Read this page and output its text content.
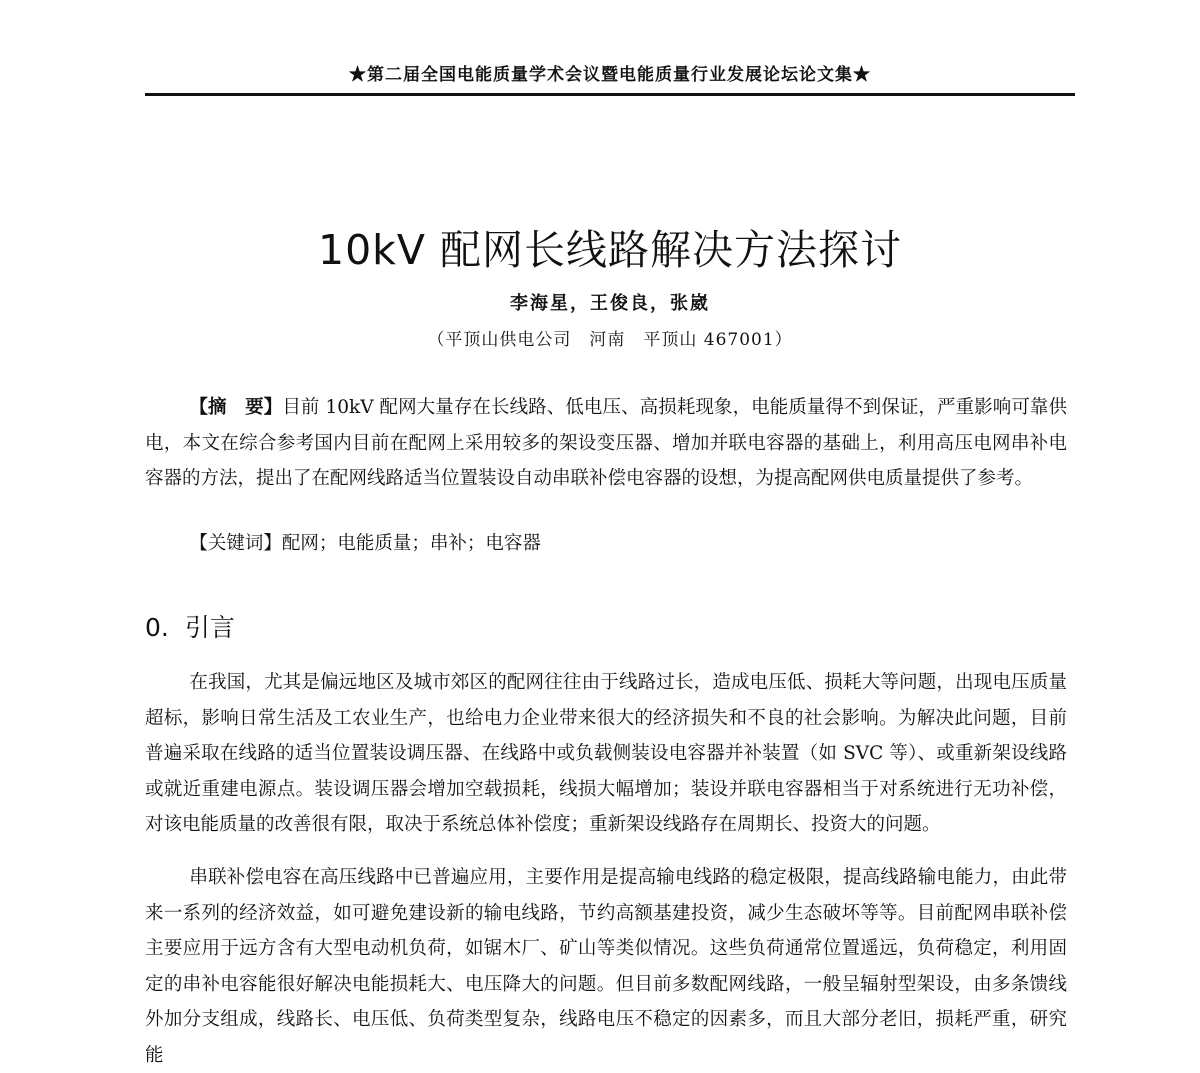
★第二届全国电能质量学术会议暨电能质量行业发展论坛论文集★
10kV 配网长线路解决方法探讨
李海星，王俊良，张崴
（平顶山供电公司　河南　平顶山 467001）

【摘　要】目前 10kV 配网大量存在长线路、低电压、高损耗现象，电能质量得不到保证，严重影响可靠供电，本文在综合参考国内目前在配网上采用较多的架设变压器、增加并联电容器的基础上，利用高压电网串补电容器的方法，提出了在配网线路适当位置装设自动串联补偿电容器的设想，为提高配网供电质量提供了参考。

【关键词】配网；电能质量；串补；电容器

0. 引言

在我国，尤其是偏远地区及城市郊区的配网往往由于线路过长，造成电压低、损耗大等问题，出现电压质量超标，影响日常生活及工农业生产，也给电力企业带来很大的经济损失和不良的社会影响。为解决此问题，目前普遍采取在线路的适当位置装设调压器、在线路中或负载侧装设电容器并补装置（如 SVC 等）、或重新架设线路或就近重建电源点。装设调压器会增加空载损耗，线损大幅增加；装设并联电容器相当于对系统进行无功补偿，对该电能质量的改善很有限，取决于系统总体补偿度；重新架设线路存在周期长、投资大的问题。

串联补偿电容在高压线路中已普遍应用，主要作用是提高输电线路的稳定极限，提高线路输电能力，由此带来一系列的经济效益，如可避免建设新的输电线路，节约高额基建投资，减少生态破坏等等。目前配网串联补偿主要应用于远方含有大型电动机负荷，如锯木厂、矿山等类似情况。这些负荷通常位置遥远，负荷稳定，利用固定的串补电容能很好解决电能损耗大、电压降大的问题。但目前多数配网线路，一般呈辐射型架设，由多条馈线外加分支组成，线路长、电压低、负荷类型复杂，线路电压不稳定的因素多，而且大部分老旧，损耗严重，研究能
